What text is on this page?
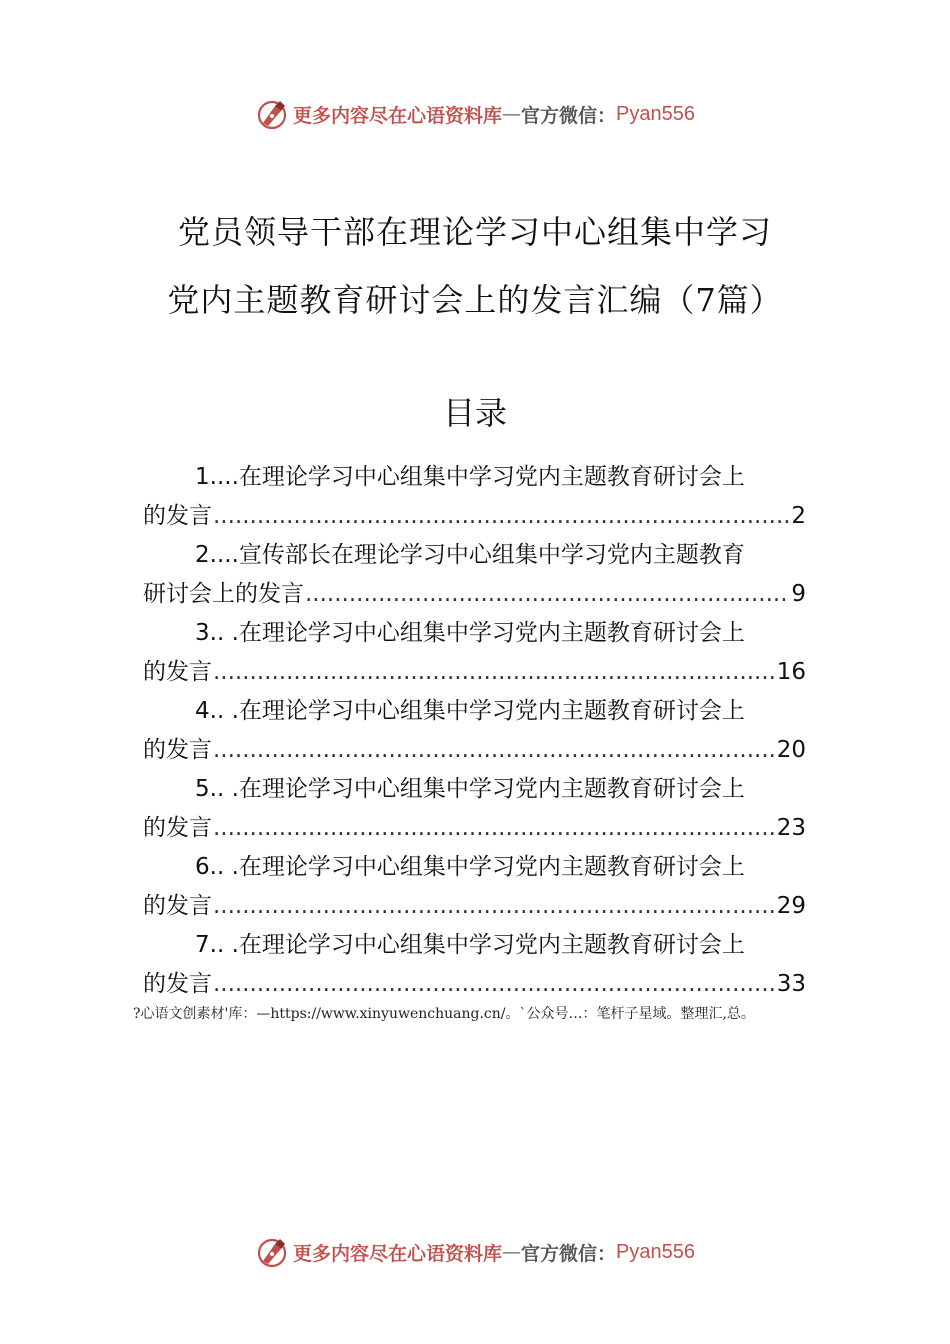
更多内容尽在心语资料库 — 官方微信： Pyan556
党员领导干部在理论学习中心组集中学习
党内主题教育研讨会上的发言汇编（7篇）
目录
1....在理论学习中心组集中学习党内主题教育研讨会上
的发言 .....	2
2....宣传部长在理论学习中心组集中学习党内主题教育
研讨会上的发言 .....	9
3.. .在理论学习中心组集中学习党内主题教育研讨会上
的发言 .....	16
4.. .在理论学习中心组集中学习党内主题教育研讨会上
的发言 .....	20
5.. .在理论学习中心组集中学习党内主题教育研讨会上
的发言 .....	23
6.. .在理论学习中心组集中学习党内主题教育研讨会上
的发言 .....	29
7.. .在理论学习中心组集中学习党内主题教育研讨会上
的发言 .....	33
?心语文创素材'库：—https://www.xinyuwenchuang.cn/。`公众号…：笔杆子星域。整理汇,总。
更多内容尽在心语资料库 — 官方微信： Pyan556
